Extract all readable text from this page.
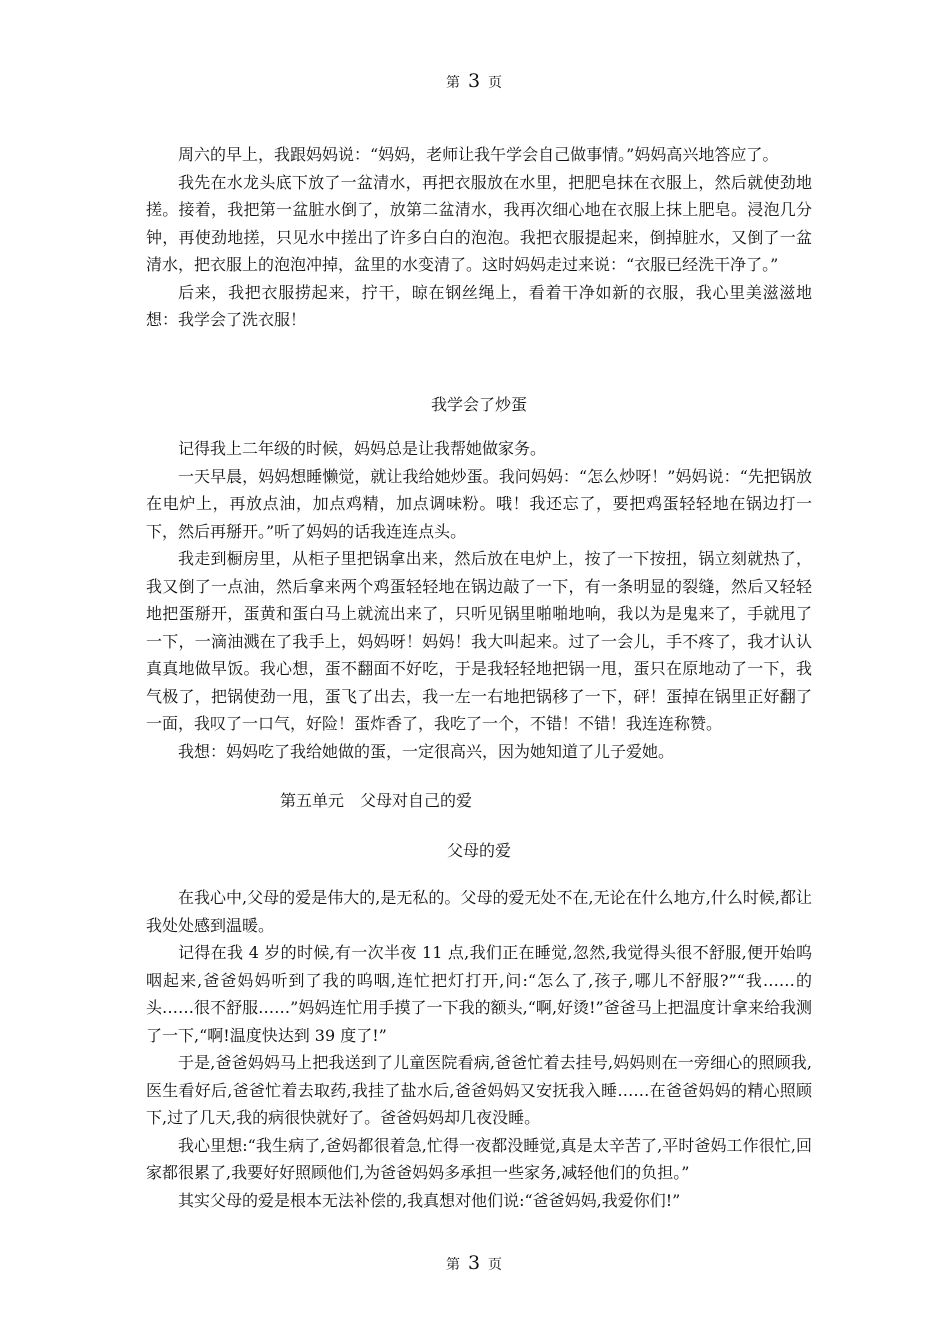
第 3 页

周六的早上，我跟妈妈说：“妈妈，老师让我午学会自己做事情。”妈妈高兴地答应了。

我先在水龙头底下放了一盆清水，再把衣服放在水里，把肥皂抹在衣服上，然后就使劲地搓。接着，我把第一盆脏水倒了，放第二盆清水，我再次细心地在衣服上抹上肥皂。浸泡几分钟，再使劲地搓，只见水中搓出了许多白白的泡泡。我把衣服提起来，倒掉脏水，又倒了一盆清水，把衣服上的泡泡冲掉，盆里的水变清了。这时妈妈走过来说：“衣服已经洗干净了。”

后来，我把衣服捞起来，拧干，晾在钢丝绳上，看着干净如新的衣服，我心里美滋滋地想：我学会了洗衣服！

我学会了炒蛋

记得我上二年级的时候，妈妈总是让我帮她做家务。

一天早晨，妈妈想睡懒觉，就让我给她炒蛋。我问妈妈：“怎么炒呀！”妈妈说：“先把锅放在电炉上，再放点油，加点鸡精，加点调味粉。哦！我还忘了，要把鸡蛋轻轻地在锅边打一下，然后再掰开。”听了妈妈的话我连连点头。

我走到橱房里，从柜子里把锅拿出来，然后放在电炉上，按了一下按扭，锅立刻就热了，我又倒了一点油，然后拿来两个鸡蛋轻轻地在锅边敲了一下，有一条明显的裂缝，然后又轻轻地把蛋掰开，蛋黄和蛋白马上就流出来了，只听见锅里啪啪地响，我以为是鬼来了，手就甩了一下，一滴油溅在了我手上，妈妈呀！妈妈！我大叫起来。过了一会儿，手不疼了，我才认认真真地做早饭。我心想，蛋不翻面不好吃，于是我轻轻地把锅一甩，蛋只在原地动了一下，我气极了，把锅使劲一甩，蛋飞了出去，我一左一右地把锅移了一下，砰！蛋掉在锅里正好翻了一面，我叹了一口气，好险！蛋炸香了，我吃了一个，不错！不错！我连连称赞。

我想：妈妈吃了我给她做的蛋，一定很高兴，因为她知道了儿子爱她。

第五单元　父母对自己的爱
父母的爱

在我心中,父母的爱是伟大的,是无私的。父母的爱无处不在,无论在什么地方,什么时候,都让我处处感到温暖。

记得在我 4 岁的时候,有一次半夜 11 点,我们正在睡觉,忽然,我觉得头很不舒服,便开始呜咽起来,爸爸妈妈听到了我的呜咽,连忙把灯打开,问:“怎么了,孩子,哪儿不舒服?”“我……的头……很不舒服……”妈妈连忙用手摸了一下我的额头,“啊,好烫!”爸爸马上把温度计拿来给我测了一下,“啊!温度快达到 39 度了!”

于是,爸爸妈妈马上把我送到了儿童医院看病,爸爸忙着去挂号,妈妈则在一旁细心的照顾我,医生看好后,爸爸忙着去取药,我挂了盐水后,爸爸妈妈又安抚我入睡……在爸爸妈妈的精心照顾下,过了几天,我的病很快就好了。爸爸妈妈却几夜没睡。

我心里想:“我生病了,爸妈都很着急,忙得一夜都没睡觉,真是太辛苦了,平时爸妈工作很忙,回家都很累了,我要好好照顾他们,为爸爸妈妈多承担一些家务,减轻他们的负担。”

其实父母的爱是根本无法补偿的,我真想对他们说:“爸爸妈妈,我爱你们!”

第 3 页
